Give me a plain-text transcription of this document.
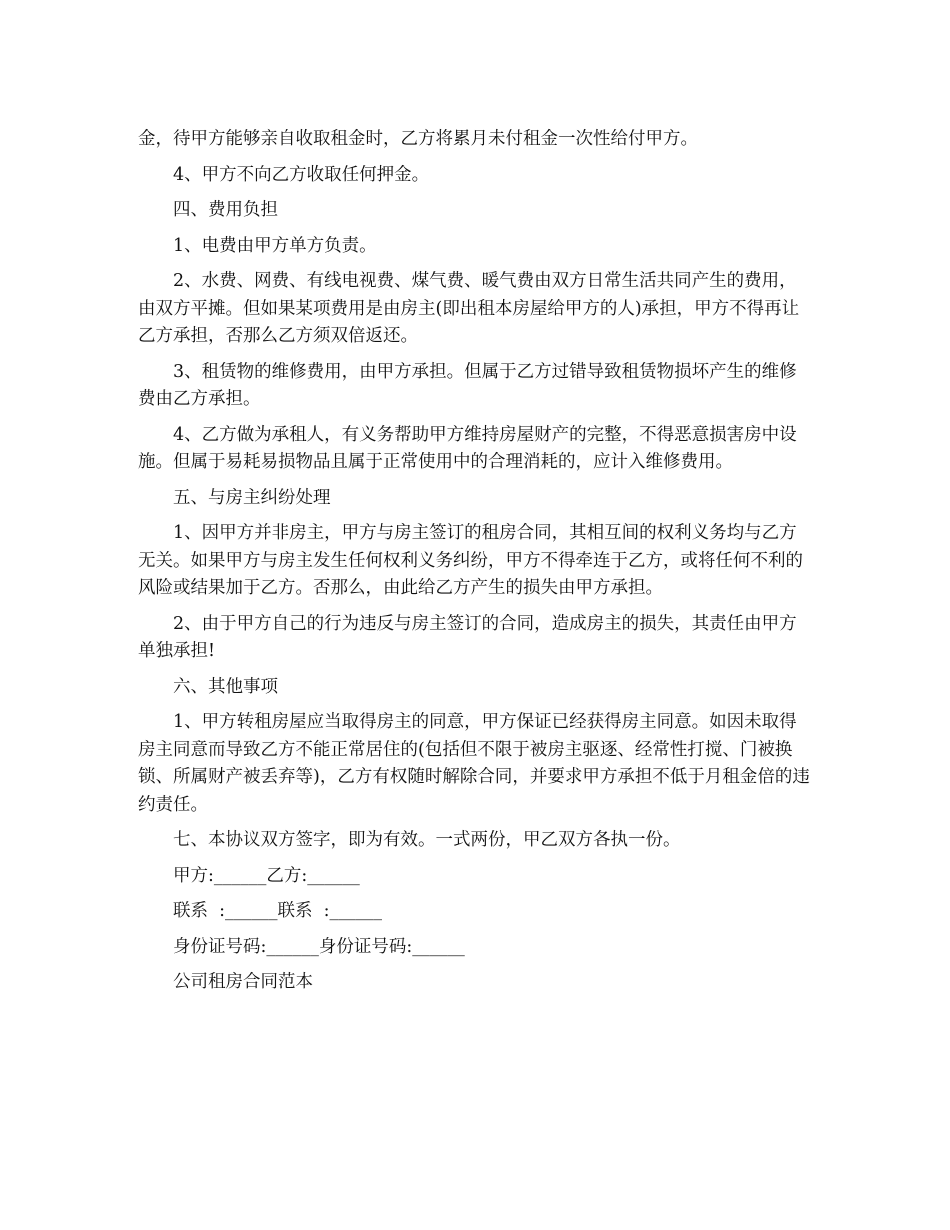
金，待甲方能够亲自收取租金时，乙方将累月未付租金一次性给付甲方。

4、甲方不向乙方收取任何押金。

四、费用负担

1、电费由甲方单方负责。

2、水费、网费、有线电视费、煤气费、暖气费由双方日常生活共同产生的费用，由双方平摊。但如果某项费用是由房主(即出租本房屋给甲方的人)承担，甲方不得再让乙方承担，否那么乙方须双倍返还。

3、租赁物的维修费用，由甲方承担。但属于乙方过错导致租赁物损坏产生的维修费由乙方承担。

4、乙方做为承租人，有义务帮助甲方维持房屋财产的完整，不得恶意损害房中设施。但属于易耗易损物品且属于正常使用中的合理消耗的，应计入维修费用。

五、与房主纠纷处理

1、因甲方并非房主，甲方与房主签订的租房合同，其相互间的权利义务均与乙方无关。如果甲方与房主发生任何权利义务纠纷，甲方不得牵连于乙方，或将任何不利的风险或结果加于乙方。否那么，由此给乙方产生的损失由甲方承担。

2、由于甲方自己的行为违反与房主签订的合同，造成房主的损失，其责任由甲方单独承担!

六、其他事项

1、甲方转租房屋应当取得房主的同意，甲方保证已经获得房主同意。如因未取得房主同意而导致乙方不能正常居住的(包括但不限于被房主驱逐、经常性打搅、门被换锁、所属财产被丢弃等)，乙方有权随时解除合同，并要求甲方承担不低于月租金倍的违约责任。

七、本协议双方签字，即为有效。一式两份，甲乙双方各执一份。

甲方:______乙方:______

联系  :______联系  :______

身份证号码:______身份证号码:______

公司租房合同范本
